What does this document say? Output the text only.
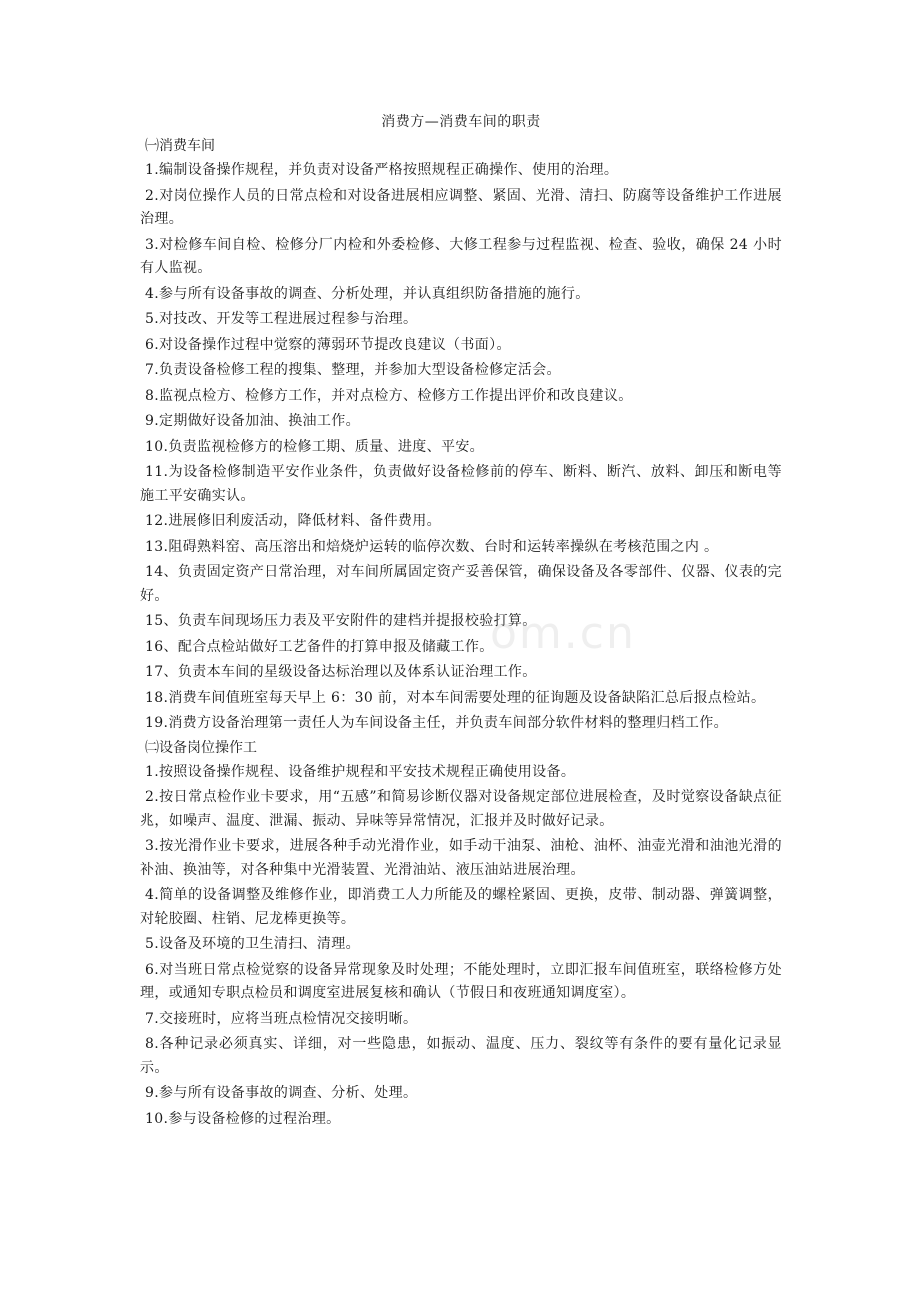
消费方—消费车间的职责
㈠消费车间

1.编制设备操作规程，并负责对设备严格按照规程正确操作、使用的治理。

2.对岗位操作人员的日常点检和对设备进展相应调整、紧固、光滑、清扫、防腐等设备维护工作进展治理。

3.对检修车间自检、检修分厂内检和外委检修、大修工程参与过程监视、检查、验收，确保 24 小时有人监视。

4.参与所有设备事故的调查、分析处理，并认真组织防备措施的施行。

5.对技改、开发等工程进展过程参与治理。

6.对设备操作过程中觉察的薄弱环节提改良建议（书面）。

7.负责设备检修工程的搜集、整理，并参加大型设备检修定活会。

8.监视点检方、检修方工作，并对点检方、检修方工作提出评价和改良建议。

9.定期做好设备加油、换油工作。

10.负责监视检修方的检修工期、质量、进度、平安。

11.为设备检修制造平安作业条件，负责做好设备检修前的停车、断料、断汽、放料、卸压和断电等施工平安确实认。

12.进展修旧利废活动，降低材料、备件费用。

13.阻碍熟料窑、高压溶出和焙烧炉运转的临停次数、台时和运转率操纵在考核范围之内 。

14、负责固定资产日常治理，对车间所属固定资产妥善保管，确保设备及各零部件、仪器、仪表的完好。

15、负责车间现场压力表及平安附件的建档并提报校验打算。

16、配合点检站做好工艺备件的打算申报及储藏工作。

17、负责本车间的星级设备达标治理以及体系认证治理工作。

18.消费车间值班室每天早上 6：30 前，对本车间需要处理的征询题及设备缺陷汇总后报点检站。

19.消费方设备治理第一责任人为车间设备主任，并负责车间部分软件材料的整理归档工作。

㈡设备岗位操作工

1.按照设备操作规程、设备维护规程和平安技术规程正确使用设备。

2.按日常点检作业卡要求，用“五感”和简易诊断仪器对设备规定部位进展检查，及时觉察设备缺点征兆，如噪声、温度、泄漏、振动、异味等异常情况，汇报并及时做好记录。

3.按光滑作业卡要求，进展各种手动光滑作业，如手动干油泵、油枪、油杯、油壶光滑和油池光滑的补油、换油等，对各种集中光滑装置、光滑油站、液压油站进展治理。

4.简单的设备调整及维修作业，即消费工人力所能及的螺栓紧固、更换，皮带、制动器、弹簧调整，对轮胶圈、柱销、尼龙棒更换等。

5.设备及环境的卫生清扫、清理。

6.对当班日常点检觉察的设备异常现象及时处理；不能处理时，立即汇报车间值班室，联络检修方处理，或通知专职点检员和调度室进展复核和确认（节假日和夜班通知调度室）。

7.交接班时，应将当班点检情况交接明晰。

8.各种记录必须真实、详细，对一些隐患，如振动、温度、压力、裂纹等有条件的要有量化记录显示。

9.参与所有设备事故的调查、分析、处理。

10.参与设备检修的过程治理。

om.cn
